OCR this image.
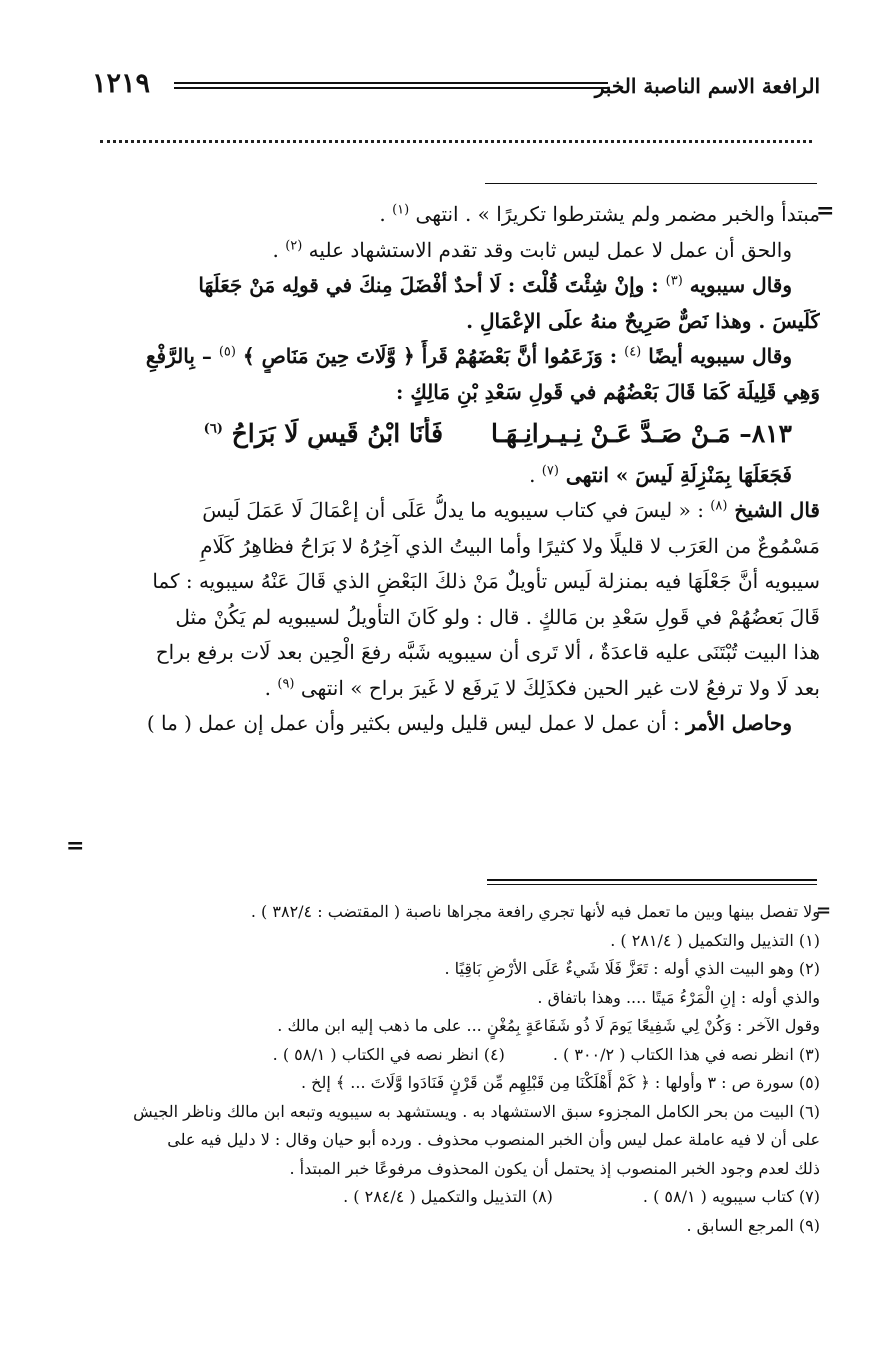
الرافعة الاسم الناصبة الخبر
١٢١٩
=

مبتدأ والخبر مضمر ولم يشترطوا تكريرًا » . انتهى $^{(١)}$ .

والحق أن عمل لا عمل ليس ثابت وقد تقدم الاستشهاد عليه $^{(٢)}$ .

وقال سيبويه $^{(٣)}$ : وإنْ شِئْتَ قُلْتَ : لَا أحدٌ أفْضَلَ مِنكَ في قولِه مَنْ جَعَلَهَا

كَلَيسَ . وهذا نَصٌّ صَرِيحٌ منهُ علَى الإعْمَالِ .

وقال سيبويه أيضًا $^{(٤)}$ : وَزَعَمُوا أنَّ بَعْضَهُمْ قَرأَ ﴿ وَّلَاتَ حِينَ مَنَاصٍ ﴾ $^{(٥)}$ – بِالرَّفْعِ

وَهِي قَلِيلَة كَمَا قَالَ بَعْضُهُم في قَولِ سَعْدِ بْنِ مَالِكٍ :

٨١٣– مَـنْ صَـدَّ عَـنْ نِـيـرانِـهَـافَأنَا ابْنُ قَيسٍ لَا بَرَاحُ $^{(٦)}$

فَجَعَلَهَا بِمَنْزِلَةِ لَيسَ » انتهى $^{(٧)}$ .

قال الشيخ $^{(٨)}$ : « ليسَ في كتاب سيبويه ما يدلُّ عَلَى أن إعْمَالَ لَا عَمَلَ لَيسَ

مَسْمُوعٌ من العَرَب لا قليلًا ولا كثيرًا وأما البيتُ الذي آخِرُهُ لا بَرَاحُ فظاهِرُ كَلَامِ

سيبويه أنَّ جَعْلَهَا فيه بمنزلة لَيس تأويلٌ مَنْ ذلكَ البَعْضِ الذي قَالَ عَنْهُ سيبويه : كما

قَالَ بَعضُهُمْ في قَولِ سَعْدِ بن مَالكٍ . قال : ولو كَانَ التأويلُ لسيبويه لم يَكُنْ مثل

هذا البيت تُبْتَنَى عليه قاعدَةٌ ، ألا تَرى أن سيبويه شَبَّه رفعَ الْحِين بعد لَات برفع براح

بعد لَا ولا ترفعُ لات غير الحين فكذَلِكَ لا يَرفَع لا غَيرَ براح » انتهى $^{(٩)}$ .

وحاصل الأمر : أن عمل لا عمل ليس قليل وليس بكثير وأن عمل إن عمل ( ما )

=
=

ولا تفصل بينها وبين ما تعمل فيه لأنها تجري رافعة مجراها ناصبة ( المقتضب : ٣٨٢/٤ ) .

(١) التذييل والتكميل ( ٢٨١/٤ ) .

(٢) وهو البيت الذي أوله : تَعَزَّ فَلَا شَيءٌ عَلَى الأرْضِ بَاقِيًا .

والذي أوله : إنِ الْمَرْءُ مَيتًا .... وهذا باتفاق .

وقول الآخر : وَكُنْ لِي شَفِيعًا يَومَ لَا ذُو شَفَاعَةٍ بِمُغْنٍ ... على ما ذهب إليه ابن مالك .

(٣) انظر نصه في هذا الكتاب ( ٣٠٠/٢ ) .(٤) انظر نصه في الكتاب ( ٥٨/١ ) .

(٥) سورة ص : ٣ وأولها : ﴿ كَمْ أَهْلَكْنَا مِن قَبْلِهِم مِّن قَرْنٍ فَنَادَوا وَّلَاتَ ... ﴾ إلخ .

(٦) البيت من بحر الكامل المجزوء سبق الاستشهاد به . ويستشهد به سيبويه وتبعه ابن مالك وناظر الجيش

على أن لا فيه عاملة عمل ليس وأن الخبر المنصوب محذوف . ورده أبو حيان وقال : لا دليل فيه على

ذلك لعدم وجود الخبر المنصوب إذ يحتمل أن يكون المحذوف مرفوعًا خبر المبتدأ .

(٧) كتاب سيبويه ( ٥٨/١ ) .(٨) التذييل والتكميل ( ٢٨٤/٤ ) .

(٩) المرجع السابق .
